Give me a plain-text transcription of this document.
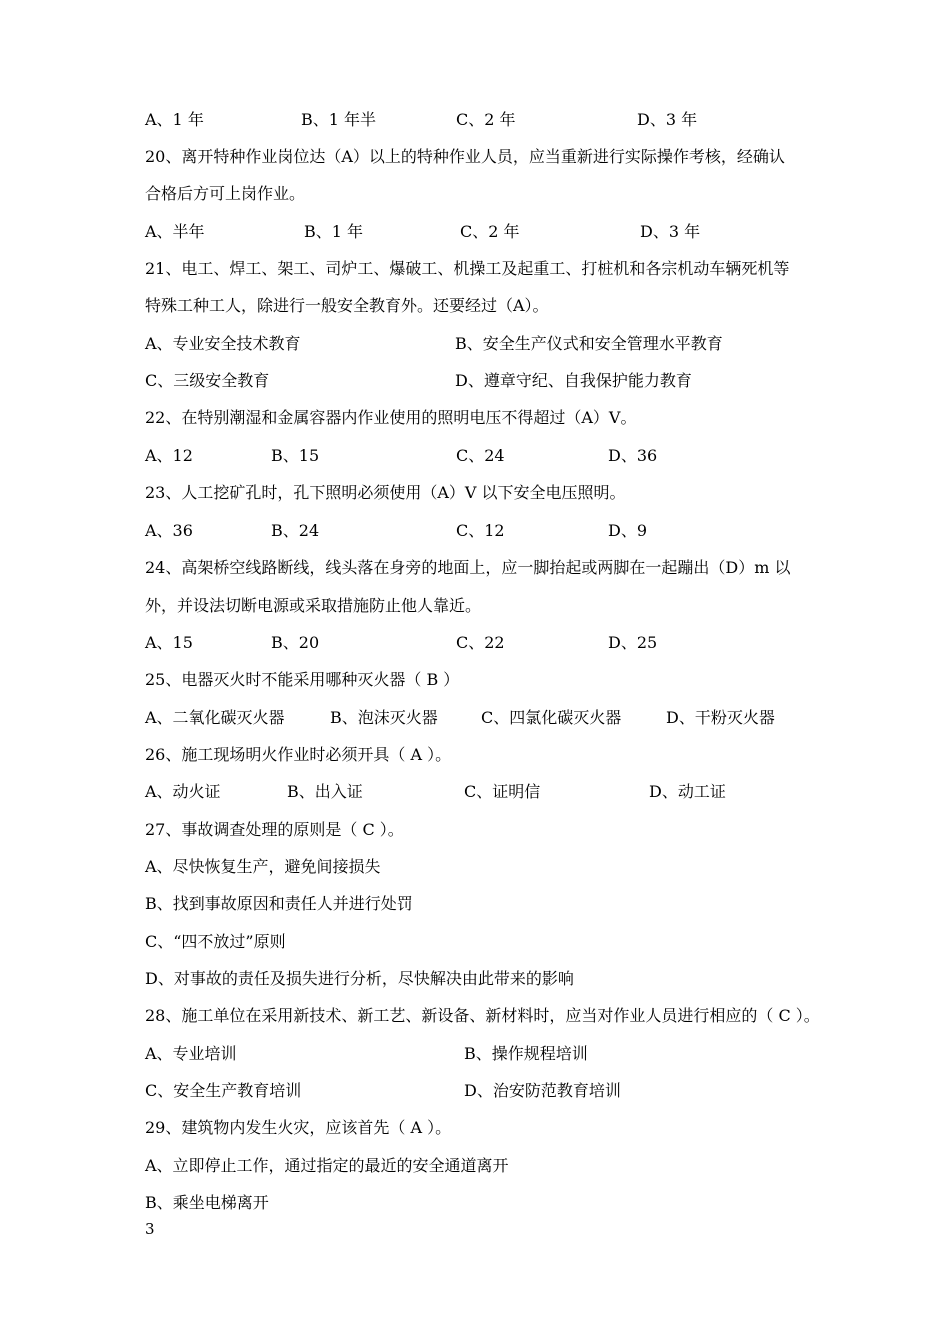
A、1 年	B、1 年半	C、2 年	D、3 年
20、离开特种作业岗位达（A）以上的特种作业人员，应当重新进行实际操作考核，经确认
合格后方可上岗作业。
A、半年	B、1 年	C、2 年	D、3 年
21、电工、焊工、架工、司炉工、爆破工、机操工及起重工、打桩机和各宗机动车辆死机等
特殊工种工人，除进行一般安全教育外。还要经过（A）。
A、专业安全技术教育	B、安全生产仪式和安全管理水平教育
C、三级安全教育	D、遵章守纪、自我保护能力教育
22、在特别潮湿和金属容器内作业使用的照明电压不得超过（A）V。
A、12	B、15	C、24	D、36
23、人工挖矿孔时，孔下照明必须使用（A）V 以下安全电压照明。
A、36	B、24	C、12	D、9
24、高架桥空线路断线，线头落在身旁的地面上，应一脚抬起或两脚在一起蹦出（D）m 以
外，并设法切断电源或采取措施防止他人靠近。
A、15	B、20	C、22	D、25
25、电器灭火时不能采用哪种灭火器（ B ）
A、二氧化碳灭火器	B、泡沫灭火器	C、四氯化碳灭火器	D、干粉灭火器
26、施工现场明火作业时必须开具（ A ）。
A、动火证	B、出入证	C、证明信	D、动工证
27、事故调查处理的原则是（ C ）。
A、尽快恢复生产，避免间接损失
B、找到事故原因和责任人并进行处罚
C、“四不放过”原则
D、对事故的责任及损失进行分析，尽快解决由此带来的影响
28、施工单位在采用新技术、新工艺、新设备、新材料时，应当对作业人员进行相应的（ C ）。
A、专业培训	B、操作规程培训
C、安全生产教育培训	D、治安防范教育培训
29、建筑物内发生火灾，应该首先（ A ）。
A、立即停止工作，通过指定的最近的安全通道离开
B、乘坐电梯离开
3
